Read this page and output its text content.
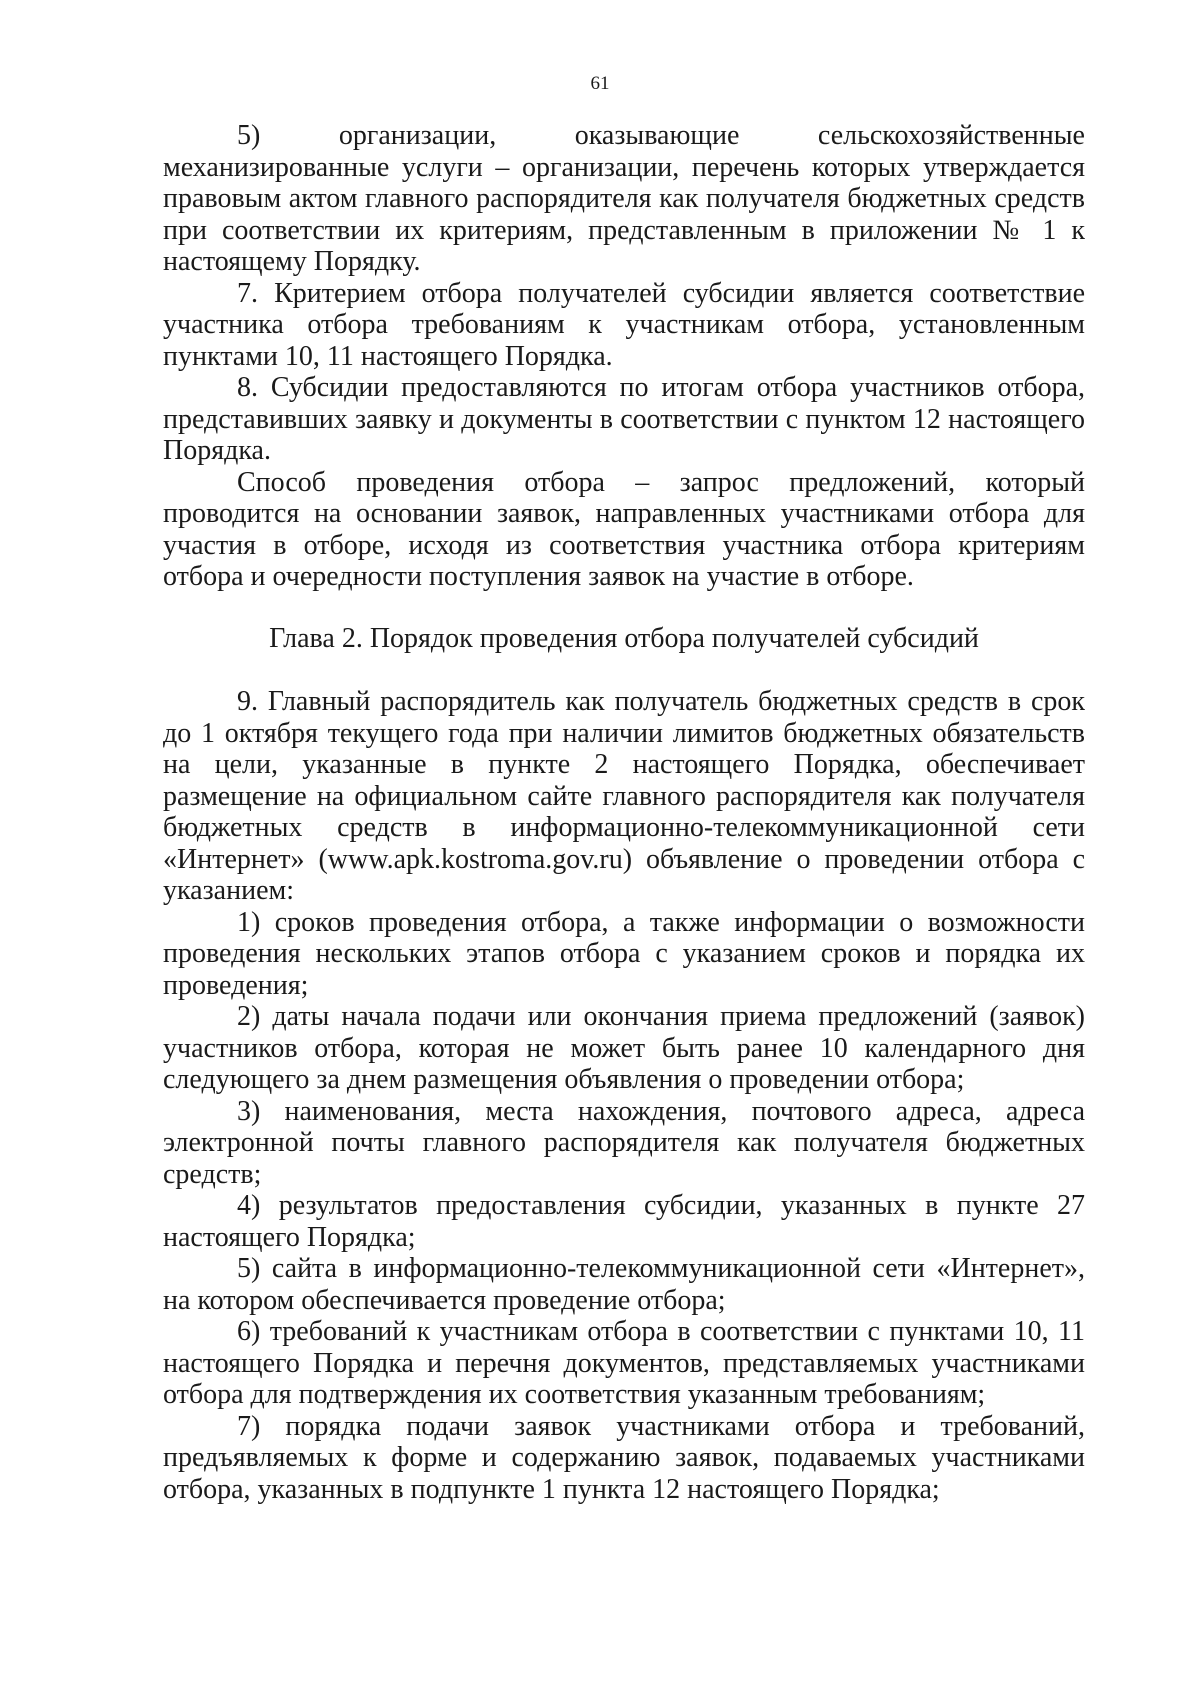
61

5) организации, оказывающие сельскохозяйственные механизированные услуги – организации, перечень которых утверждается правовым актом главного распорядителя как получателя бюджетных средств при соответствии их критериям, представленным в приложении № 1 к настоящему Порядку.

7. Критерием отбора получателей субсидии является соответствие участника отбора требованиям к участникам отбора, установленным пунктами 10, 11 настоящего Порядка.

8. Субсидии предоставляются по итогам отбора участников отбора, представивших заявку и документы в соответствии с пунктом 12 настоящего Порядка.

Способ проведения отбора – запрос предложений, который проводится на основании заявок, направленных участниками отбора для участия в отборе, исходя из соответствия участника отбора критериям отбора и очередности поступления заявок на участие в отборе.

Глава 2. Порядок проведения отбора получателей субсидий

9. Главный распорядитель как получатель бюджетных средств в срок до 1 октября текущего года при наличии лимитов бюджетных обязательств на цели, указанные в пункте 2 настоящего Порядка, обеспечивает размещение на официальном сайте главного распорядителя как получателя бюджетных средств в информационно-телекоммуникационной сети «Интернет» (www.apk.kostroma.gov.ru) объявление о проведении отбора с указанием:

1) сроков проведения отбора, а также информации о возможности проведения нескольких этапов отбора с указанием сроков и порядка их проведения;

2) даты начала подачи или окончания приема предложений (заявок) участников отбора, которая не может быть ранее 10 календарного дня следующего за днем размещения объявления о проведении отбора;

3) наименования, места нахождения, почтового адреса, адреса электронной почты главного распорядителя как получателя бюджетных средств;

4) результатов предоставления субсидии, указанных в пункте 27 настоящего Порядка;

5) сайта в информационно-телекоммуникационной сети «Интернет», на котором обеспечивается проведение отбора;

6) требований к участникам отбора в соответствии с пунктами 10, 11 настоящего Порядка и перечня документов, представляемых участниками отбора для подтверждения их соответствия указанным требованиям;

7) порядка подачи заявок участниками отбора и требований, предъявляемых к форме и содержанию заявок, подаваемых участниками отбора, указанных в подпункте 1 пункта 12 настоящего Порядка;
